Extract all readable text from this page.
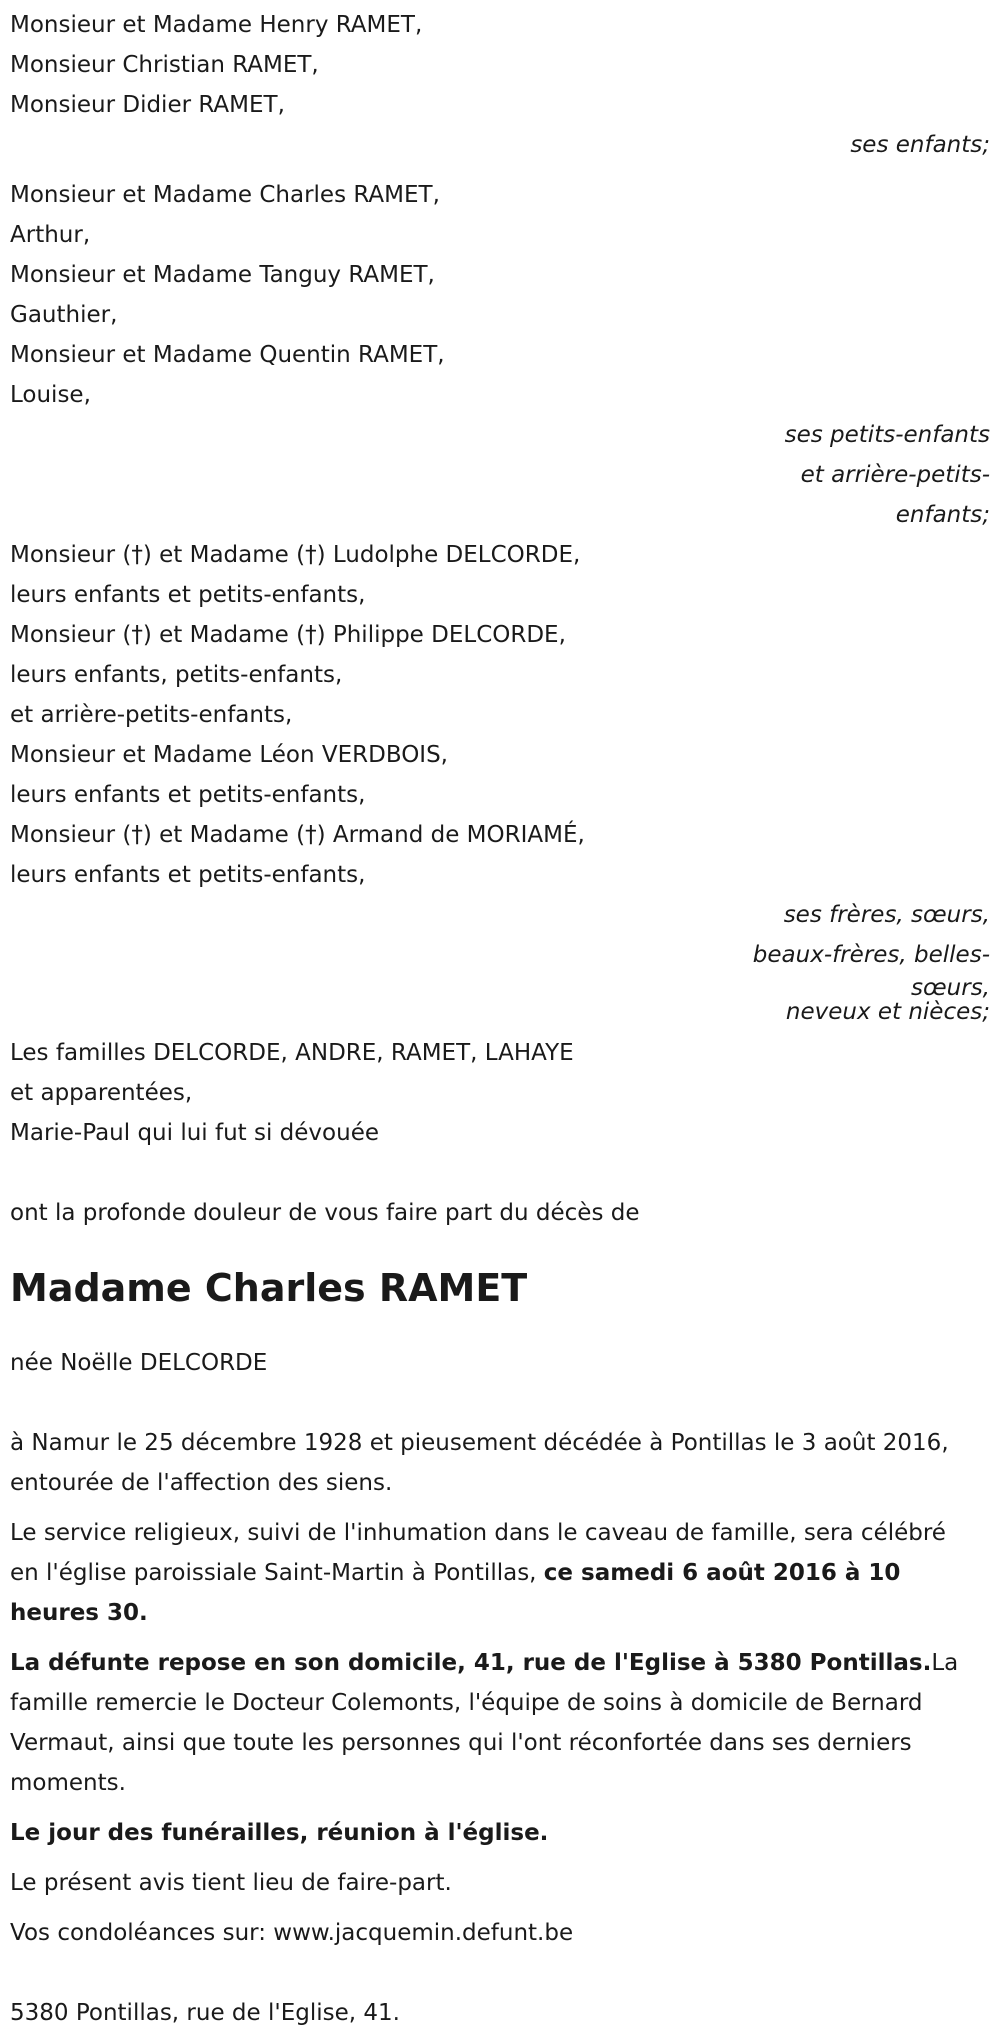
Monsieur et Madame Henry RAMET,
Monsieur Christian RAMET,
Monsieur Didier RAMET,
ses enfants;
Monsieur et Madame Charles RAMET,
Arthur,
Monsieur et Madame Tanguy RAMET,
Gauthier,
Monsieur et Madame Quentin RAMET,
Louise,
ses petits-enfants
et arrière-petits-
enfants;
Monsieur (†) et Madame (†) Ludolphe DELCORDE,
leurs enfants et petits-enfants,
Monsieur (†) et Madame (†) Philippe DELCORDE,
leurs enfants, petits-enfants,
et arrière-petits-enfants,
Monsieur et Madame Léon VERDBOIS,
leurs enfants et petits-enfants,
Monsieur (†) et Madame (†) Armand de MORIAMÉ,
leurs enfants et petits-enfants,
ses frères, sœurs,
beaux-frères, belles-
sœurs,
neveux et nièces;
Les familles DELCORDE, ANDRE, RAMET, LAHAYE
et apparentées,
Marie-Paul qui lui fut si dévouée
ont la profonde douleur de vous faire part du décès de
Madame Charles RAMET
née Noëlle DELCORDE

à Namur le 25 décembre 1928 et pieusement décédée à Pontillas le 3 août 2016, entourée de l'affection des siens.

Le service religieux, suivi de l'inhumation dans le caveau de famille, sera célébré en l'église paroissiale Saint-Martin à Pontillas, ce samedi 6 août 2016 à 10 heures 30.

La défunte repose en son domicile, 41, rue de l'Eglise à 5380 Pontillas.La famille remercie le Docteur Colemonts, l'équipe de soins à domicile de Bernard Vermaut, ainsi que toute les personnes qui l'ont réconfortée dans ses derniers moments.

Le jour des funérailles, réunion à l'église.

Le présent avis tient lieu de faire-part.

Vos condoléances sur: www.jacquemin.defunt.be

5380 Pontillas, rue de l'Eglise, 41.
